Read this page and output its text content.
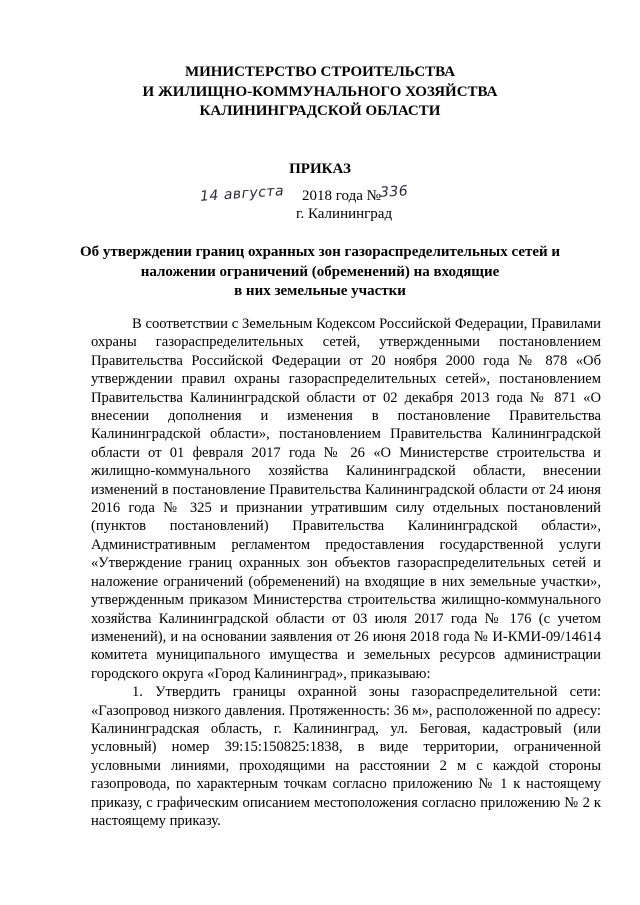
МИНИСТЕРСТВО СТРОИТЕЛЬСТВА
И ЖИЛИЩНО-КОММУНАЛЬНОГО ХОЗЯЙСТВА
КАЛИНИНГРАДСКОЙ ОБЛАСТИ
ПРИКАЗ
14 августа 2018 года №
336
г. Калининград
Об утверждении границ охранных зон газораспределительных сетей и
наложении ограничений (обременений) на входящие
в них земельные участки

В соответствии с Земельным Кодексом Российской Федерации, Правилами охраны газораспределительных сетей, утвержденными постановлением Правительства Российской Федерации от 20 ноября 2000 года № 878 «Об утверждении правил охраны газораспределительных сетей», постановлением Правительства Калининградской области от 02 декабря 2013 года № 871 «О внесении дополнения и изменения в постановление Правительства Калининградской области», постановлением Правительства Калининградской области от 01 февраля 2017 года № 26 «О Министерстве строительства и жилищно-коммунального хозяйства Калининградской области, внесении изменений в постановление Правительства Калининградской области от 24 июня 2016 года № 325 и признании утратившим силу отдельных постановлений (пунктов постановлений) Правительства Калининградской области», Административным регламентом предоставления государственной услуги «Утверждение границ охранных зон объектов газораспределительных сетей и наложение ограничений (обременений) на входящие в них земельные участки», утвержденным приказом Министерства строительства жилищно-коммунального хозяйства Калининградской области от 03 июля 2017 года № 176 (с учетом изменений), и на основании заявления от 26 июня 2018 года № И-КМИ-09/14614 комитета муниципального имущества и земельных ресурсов администрации городского округа «Город Калининград», приказываю:

1. Утвердить границы охранной зоны газораспределительной сети: «Газопровод низкого давления. Протяженность: 36 м», расположенной по адресу: Калининградская область, г. Калининград, ул. Беговая, кадастровый (или условный) номер 39:15:150825:1838, в виде территории, ограниченной условными линиями, проходящими на расстоянии 2 м с каждой стороны газопровода, по характерным точкам согласно приложению № 1 к настоящему приказу, с графическим описанием местоположения согласно приложению № 2 к настоящему приказу.
